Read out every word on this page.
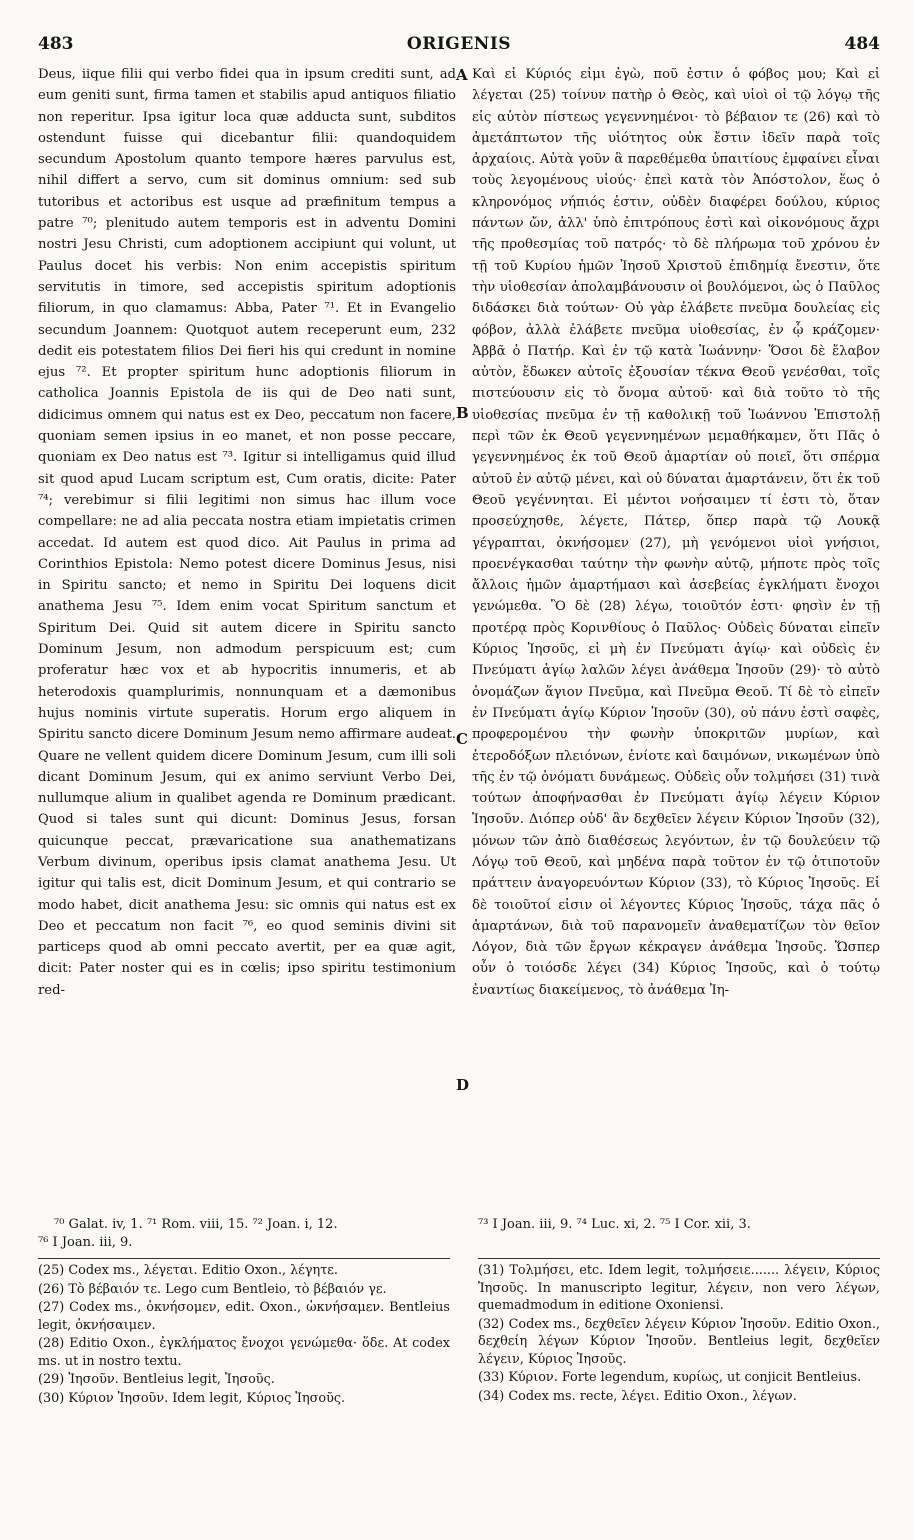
483	ORIGENIS	484

Deus, iique filii qui verbo fidei qua in ipsum crediti sunt, ad eum geniti sunt, firma tamen et stabilis apud antiquos filiatio non reperitur. Ipsa igitur loca quæ adducta sunt, subditos ostendunt fuisse qui dicebantur filii: quandoquidem secundum Apostolum quanto tempore hæres parvulus est, nihil differt a servo, cum sit dominus omnium: sed sub tutoribus et actoribus est usque ad præfinitum tempus a patre ⁷⁰; plenitudo autem temporis est in adventu Domini nostri Jesu Christi, cum adoptionem accipiunt qui volunt, ut Paulus docet his verbis: Non enim accepistis spiritum servitutis in timore, sed accepistis spiritum adoptionis filiorum, in quo clamamus: Abba, Pater ⁷¹. Et in Evangelio secundum Joannem: Quotquot autem receperunt eum, 232 dedit eis potestatem filios Dei fieri his qui credunt in nomine ejus ⁷². Et propter spiritum hunc adoptionis filiorum in catholica Joannis Epistola de iis qui de Deo nati sunt, didicimus omnem qui natus est ex Deo, peccatum non facere, quoniam semen ipsius in eo manet, et non posse peccare, quoniam ex Deo natus est ⁷³. Igitur si intelligamus quid illud sit quod apud Lucam scriptum est, Cum oratis, dicite: Pater ⁷⁴; verebimur si filii legitimi non simus hac illum voce compellare: ne ad alia peccata nostra etiam impietatis crimen accedat. Id autem est quod dico. Ait Paulus in prima ad Corinthios Epistola: Nemo potest dicere Dominus Jesus, nisi in Spiritu sancto; et nemo in Spiritu Dei loquens dicit anathema Jesu ⁷⁵. Idem enim vocat Spiritum sanctum et Spiritum Dei. Quid sit autem dicere in Spiritu sancto Dominum Jesum, non admodum perspicuum est; cum proferatur hæc vox et ab hypocritis innumeris, et ab heterodoxis quamplurimis, nonnunquam et a dæmonibus hujus nominis virtute superatis. Horum ergo aliquem in Spiritu sancto dicere Dominum Jesum nemo affirmare audeat. Quare ne vellent quidem dicere Dominum Jesum, cum illi soli dicant Dominum Jesum, qui ex animo serviunt Verbo Dei, nullumque alium in qualibet agenda re Dominum prædicant. Quod si tales sunt qui dicunt: Dominus Jesus, forsan quicunque peccat, prævaricatione sua anathematizans Verbum divinum, operibus ipsis clamat anathema Jesu. Ut igitur qui talis est, dicit Dominum Jesum, et qui contrario se modo habet, dicit anathema Jesu: sic omnis qui natus est ex Deo et peccatum non facit ⁷⁶, eo quod seminis divini sit particeps quod ab omni peccato avertit, per ea quæ agit, dicit: Pater noster qui es in cœlis; ipso spiritu testimonium red-

Καὶ εἰ Κύριός εἰμι ἐγὼ, ποῦ ἐστιν ὁ φόβος μου; Καὶ εἰ λέγεται (25) τοίνυν πατὴρ ὁ Θεὸς, καὶ υἱοὶ οἱ τῷ λόγῳ τῆς εἰς αὐτὸν πίστεως γεγεννημένοι· τὸ βέβαιον τε (26) καὶ τὸ ἀμετάπτωτον τῆς υἱότητος οὐκ ἔστιν ἰδεῖν παρὰ τοῖς ἀρχαίοις. Αὐτὰ γοῦν ἃ παρεθέμεθα ὑπαιτίους ἐμφαίνει εἶναι τοὺς λεγομένους υἱούς· ἐπεὶ κατὰ τὸν Ἀπόστολον, ἕως ὁ κληρονόμος νήπιός ἐστιν, οὐδὲν διαφέρει δούλου, κύριος πάντων ὤν, ἀλλ' ὑπὸ ἐπιτρόπους ἐστὶ καὶ οἰκονόμους ἄχρι τῆς προθεσμίας τοῦ πατρός· τὸ δὲ πλήρωμα τοῦ χρόνου ἐν τῇ τοῦ Κυρίου ἡμῶν Ἰησοῦ Χριστοῦ ἐπιδημίᾳ ἔνεστιν, ὅτε τὴν υἱοθεσίαν ἀπολαμβάνουσιν οἱ βουλόμενοι, ὡς ὁ Παῦλος διδάσκει διὰ τούτων· Οὐ γὰρ ἐλάβετε πνεῦμα δουλείας εἰς φόβον, ἀλλὰ ἐλάβετε πνεῦμα υἱοθεσίας, ἐν ᾧ κράζομεν· Ἀββᾶ ὁ Πατήρ. Καὶ ἐν τῷ κατὰ Ἰωάννην· Ὅσοι δὲ ἔλαβον αὐτὸν, ἔδωκεν αὐτοῖς ἐξουσίαν τέκνα Θεοῦ γενέσθαι, τοῖς πιστεύουσιν εἰς τὸ ὄνομα αὐτοῦ· καὶ διὰ τοῦτο τὸ τῆς υἱοθεσίας πνεῦμα ἐν τῇ καθολικῇ τοῦ Ἰωάννου Ἐπιστολῇ περὶ τῶν ἐκ Θεοῦ γεγεννημένων μεμαθήκαμεν, ὅτι Πᾶς ὁ γεγεννημένος ἐκ τοῦ Θεοῦ ἁμαρτίαν οὐ ποιεῖ, ὅτι σπέρμα αὐτοῦ ἐν αὐτῷ μένει, καὶ οὐ δύναται ἁμαρτάνειν, ὅτι ἐκ τοῦ Θεοῦ γεγέννηται. Εἰ μέντοι νοήσαιμεν τί ἐστι τὸ, ὅταν προσεύχησθε, λέγετε, Πάτερ, ὅπερ παρὰ τῷ Λουκᾷ γέγραπται, ὀκνήσομεν (27), μὴ γενόμενοι υἱοὶ γνήσιοι, προενέγκασθαι ταύτην τὴν φωνὴν αὐτῷ, μήποτε πρὸς τοῖς ἄλλοις ἡμῶν ἁμαρτήμασι καὶ ἀσεβείας ἐγκλήματι ἔνοχοι γενώμεθα. Ὃ δὲ (28) λέγω, τοιοῦτόν ἐστι· φησὶν ἐν τῇ προτέρᾳ πρὸς Κορινθίους ὁ Παῦλος· Οὐδεὶς δύναται εἰπεῖν Κύριος Ἰησοῦς, εἰ μὴ ἐν Πνεύματι ἁγίῳ· καὶ οὐδεὶς ἐν Πνεύματι ἁγίῳ λαλῶν λέγει ἀνάθεμα Ἰησοῦν (29)· τὸ αὐτὸ ὀνομάζων ἅγιον Πνεῦμα, καὶ Πνεῦμα Θεοῦ. Τί δὲ τὸ εἰπεῖν ἐν Πνεύματι ἁγίῳ Κύριον Ἰησοῦν (30), οὐ πάνυ ἐστὶ σαφὲς, προφερομένου τὴν φωνὴν ὑποκριτῶν μυρίων, καὶ ἑτεροδόξων πλειόνων, ἐνίοτε καὶ δαιμόνων, νικωμένων ὑπὸ τῆς ἐν τῷ ὀνόματι δυνάμεως. Οὐδεὶς οὖν τολμήσει (31) τινὰ τούτων ἀποφήνασθαι ἐν Πνεύματι ἁγίῳ λέγειν Κύριον Ἰησοῦν. Διόπερ οὐδ' ἂν δεχθεῖεν λέγειν Κύριον Ἰησοῦν (32), μόνων τῶν ἀπὸ διαθέσεως λεγόντων, ἐν τῷ δουλεύειν τῷ Λόγῳ τοῦ Θεοῦ, καὶ μηδένα παρὰ τοῦτον ἐν τῷ ὁτιποτοῦν πράττειν ἀναγορευόντων Κύριον (33), τὸ Κύριος Ἰησοῦς. Εἰ δὲ τοιοῦτοί εἰσιν οἱ λέγοντες Κύριος Ἰησοῦς, τάχα πᾶς ὁ ἁμαρτάνων, διὰ τοῦ παρανομεῖν ἀναθεματίζων τὸν θεῖον Λόγον, διὰ τῶν ἔργων κέκραγεν ἀνάθεμα Ἰησοῦς. Ὥσπερ οὖν ὁ τοιόσδε λέγει (34) Κύριος Ἰησοῦς, καὶ ὁ τούτῳ ἐναντίως διακείμενος, τὸ ἀνάθεμα Ἰη-

A
B
C
D
⁷⁰ Galat. iv, 1. ⁷¹ Rom. viii, 15. ⁷² Joan. i, 12.
⁷⁶ I Joan. iii, 9.
⁷³ I Joan. iii, 9. ⁷⁴ Luc. xi, 2. ⁷⁵ I Cor. xii, 3.

(25) Codex ms., λέγεται. Editio Oxon., λέγητε.

(26) Τὸ βέβαιόν τε. Lego cum Bentleio, τὸ βέβαιόν γε.

(27) Codex ms., ὀκνήσομεν, edit. Oxon., ὠκνήσαμεν. Bentleius legit, ὀκνήσαιμεν.

(28) Editio Oxon., ἐγκλήματος ἔνοχοι γενώμεθα· ὅδε. At codex ms. ut in nostro textu.

(29) Ἰησοῦν. Bentleius legit, Ἰησοῦς.

(30) Κύριον Ἰησοῦν. Idem legit, Κύριος Ἰησοῦς.

(31) Τολμήσει, etc. Idem legit, τολμήσειε....... λέγειν, Κύριος Ἰησοῦς. In manuscripto legitur, λέγειν, non vero λέγων, quemadmodum in editione Oxoniensi.

(32) Codex ms., δεχθεῖεν λέγειν Κύριον Ἰησοῦν. Editio Oxon., δεχθείη λέγων Κύριον Ἰησοῦν. Bentleius legit, δεχθεῖεν λέγειν, Κύριος Ἰησοῦς.

(33) Κύριον. Forte legendum, κυρίως, ut conjicit Bentleius.

(34) Codex ms. recte, λέγει. Editio Oxon., λέγων.
